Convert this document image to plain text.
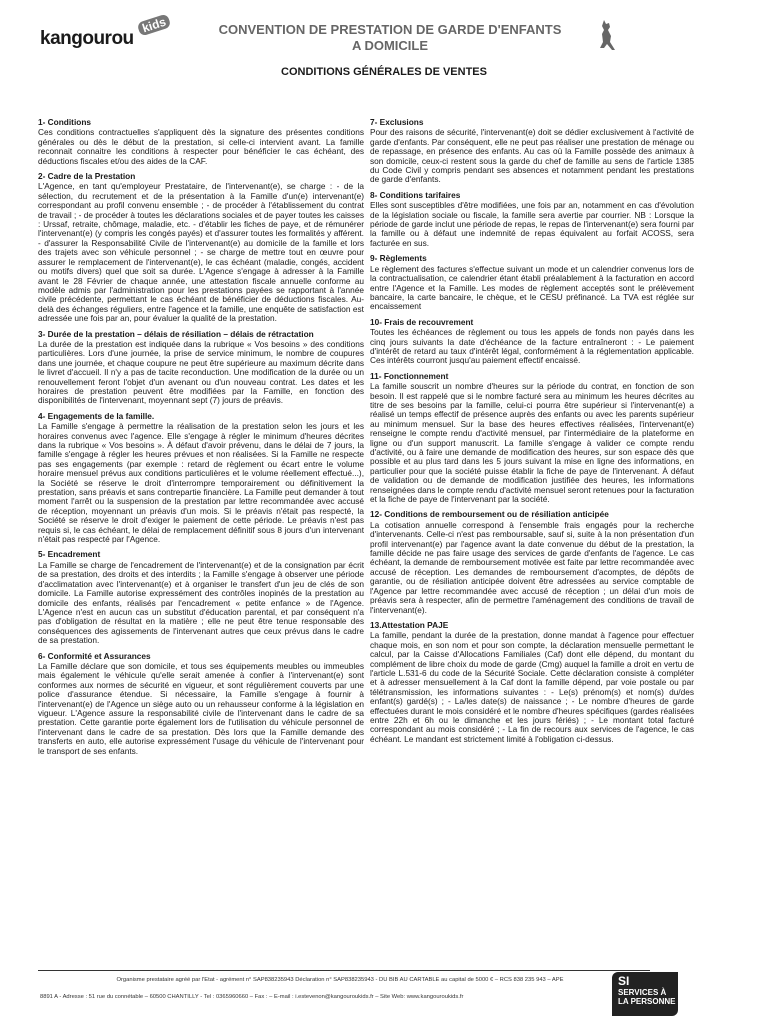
kangourou
kids	CONVENTION DE PRESTATION DE GARDE D'ENFANTS
A DOMICILE
CONDITIONS GÉNÉRALES DE VENTES
1- Conditions

Ces conditions contractuelles s'appliquent dès la signature des présentes conditions générales ou dès le début de la prestation, si celle-ci intervient avant. La famille reconnait connaitre les conditions à respecter pour bénéficier le cas échéant, des déductions fiscales et/ou des aides de la CAF.

2- Cadre de la Prestation

L'Agence, en tant qu'employeur Prestataire, de l'intervenant(e), se charge : - de la sélection, du recrutement et de la présentation à la Famille d'un(e) intervenant(e) correspondant au profil convenu ensemble ; - de procéder à l'établissement du contrat de travail ; - de procéder à toutes les déclarations sociales et de payer toutes les caisses : Urssaf, retraite, chômage, maladie, etc. - d'établir les fiches de paye, et de rémunérer l'intervenant(e) (y compris les congés payés) et d'assurer toutes les formalités y afférent. - d'assurer la Responsabilité Civile de l'intervenant(e) au domicile de la famille et lors des trajets avec son véhicule personnel ; - se charge de mettre tout en œuvre pour assurer le remplacement de l'intervenant(e), le cas échéant (maladie, congés, accident ou motifs divers) quel que soit sa durée. L'Agence s'engage à adresser à la Famille avant le 28 Février de chaque année, une attestation fiscale annuelle conforme au modèle admis par l'administration pour les prestations payées se rapportant à l'année civile précédente, permettant le cas échéant de bénéficier de déductions fiscales. Au-delà des échanges réguliers, entre l'agence et la famille, une enquête de satisfaction est adressée une fois par an, pour évaluer la qualité de la prestation.

3- Durée de la prestation – délais de résiliation – délais de rétractation

La durée de la prestation est indiquée dans la rubrique « Vos besoins » des conditions particulières. Lors d'une journée, la prise de service minimum, le nombre de coupures dans une journée, et chaque coupure ne peut être supérieure au maximum décrite dans le livret d'accueil. Il n'y a pas de tacite reconduction. Une modification de la durée ou un renouvellement feront l'objet d'un avenant ou d'un nouveau contrat. Les dates et les horaires de prestation peuvent être modifiées par la Famille, en fonction des disponibilités de l'intervenant, moyennant sept (7) jours de préavis.

4- Engagements de la famille.

La Famille s'engage à permettre la réalisation de la prestation selon les jours et les horaires convenus avec l'agence. Elle s'engage à régler le minimum d'heures décrites dans la rubrique « Vos besoins ». À défaut d'avoir prévenu, dans le délai de 7 jours, la famille s'engage à régler les heures prévues et non réalisées. Si la Famille ne respecte pas ses engagements (par exemple : retard de règlement ou écart entre le volume horaire mensuel prévus aux conditions particulières et le volume réellement effectué...), la Société se réserve le droit d'interrompre temporairement ou définitivement la prestation, sans préavis et sans contrepartie financière. La Famille peut demander à tout moment l'arrêt ou la suspension de la prestation par lettre recommandée avec accusé de réception, moyennant un préavis d'un mois. Si le préavis n'était pas respecté, la Société se réserve le droit d'exiger le paiement de cette période. Le préavis n'est pas requis si, le cas échéant, le délai de remplacement définitif sous 8 jours d'un intervenant n'était pas respecté par l'Agence.

5- Encadrement

La Famille se charge de l'encadrement de l'intervenant(e) et de la consignation par écrit de sa prestation, des droits et des interdits ; la Famille s'engage à observer une période d'acclimatation avec l'intervenant(e) et à organiser le transfert d'un jeu de clés de son domicile. La Famille autorise expressément des contrôles inopinés de la prestation au domicile des enfants, réalisés par l'encadrement « petite enfance » de l'Agence. L'Agence n'est en aucun cas un substitut d'éducation parental, et par conséquent n'a pas d'obligation de résultat en la matière ; elle ne peut être tenue responsable des conséquences des agissements de l'intervenant autres que ceux prévus dans le cadre de sa prestation.

6- Conformité et Assurances

La Famille déclare que son domicile, et tous ses équipements meubles ou immeubles mais également le véhicule qu'elle serait amenée à confier à l'intervenant(e) sont conformes aux normes de sécurité en vigueur, et sont régulièrement couverts par une police d'assurance étendue. Si nécessaire, la Famille s'engage à fournir à l'intervenant(e) de l'Agence un siège auto ou un rehausseur conforme à la législation en vigueur. L'Agence assure la responsabilité civile de l'intervenant dans le cadre de sa prestation. Cette garantie porte également lors de l'utilisation du véhicule personnel de l'intervenant dans le cadre de sa prestation. Dès lors que la Famille demande des transferts en auto, elle autorise expressément l'usage du véhicule de l'intervenant pour le transport de ses enfants.

7- Exclusions

Pour des raisons de sécurité, l'intervenant(e) doit se dédier exclusivement à l'activité de garde d'enfants. Par conséquent, elle ne peut pas réaliser une prestation de ménage ou de repassage, en présence des enfants. Au cas où la Famille possède des animaux à son domicile, ceux-ci restent sous la garde du chef de famille au sens de l'article 1385 du Code Civil y compris pendant ses absences et notamment pendant les prestations de garde d'enfants.

8- Conditions tarifaires

Elles sont susceptibles d'être modifiées, une fois par an, notamment en cas d'évolution de la législation sociale ou fiscale, la famille sera avertie par courrier. NB : Lorsque la période de garde inclut une période de repas, le repas de l'intervenant(e) sera fourni par la famille ou à défaut une indemnité de repas équivalent au forfait ACOSS, sera facturée en sus.

9- Règlements

Le règlement des factures s'effectue suivant un mode et un calendrier convenus lors de la contractualisation, ce calendrier étant établi préalablement à la facturation en accord entre l'Agence et la Famille. Les modes de règlement acceptés sont le prélèvement bancaire, la carte bancaire, le chèque, et le CESU préfinancé. La TVA est réglée sur encaissement

10- Frais de recouvrement

Toutes les échéances de règlement ou tous les appels de fonds non payés dans les cinq jours suivants la date d'échéance de la facture entraîneront : - Le paiement d'intérêt de retard au taux d'intérêt légal, conformément à la réglementation applicable. Ces intérêts courront jusqu'au paiement effectif encaissé.

11- Fonctionnement

La famille souscrit un nombre d'heures sur la période du contrat, en fonction de son besoin. Il est rappelé que si le nombre facturé sera au minimum les heures décrites au titre de ses besoins par la famille, celui-ci pourra être supérieur si l'intervenant(e) a réalisé un temps effectif de présence auprès des enfants ou avec les parents supérieur au minimum mensuel. Sur la base des heures effectives réalisées, l'intervenant(e) renseigne le compte rendu d'activité mensuel, par l'intermédiaire de la plateforme en ligne ou d'un support manuscrit. La famille s'engage à valider ce compte rendu d'activité, ou à faire une demande de modification des heures, sur son espace dès que possible et au plus tard dans les 5 jours suivant la mise en ligne des informations, en particulier pour que la société puisse établir la fiche de paye de l'intervenant. À défaut de validation ou de demande de modification justifiée des heures, les informations renseignées dans le compte rendu d'activité mensuel seront retenues pour la facturation et la fiche de paye de l'intervenant par la société.

12- Conditions de remboursement ou de résiliation anticipée

La cotisation annuelle correspond à l'ensemble frais engagés pour la recherche d'intervenants. Celle-ci n'est pas remboursable, sauf si, suite à la non présentation d'un profil intervenant(e) par l'agence avant la date convenue du début de la prestation, la famille décide ne pas faire usage des services de garde d'enfants de l'agence. Le cas échéant, la demande de remboursement motivée est faite par lettre recommandée avec accusé de réception. Les demandes de remboursement d'acomptes, de dépôts de garantie, ou de résiliation anticipée doivent être adressées au service comptable de l'Agence par lettre recommandée avec accusé de réception ; un délai d'un mois de préavis sera à respecter, afin de permettre l'aménagement des conditions de travail de l'intervenant(e).

13.Attestation PAJE

La famille, pendant la durée de la prestation, donne mandat à l'agence pour effectuer chaque mois, en son nom et pour son compte, la déclaration mensuelle permettant le calcul, par la Caisse d'Allocations Familiales (Caf) dont elle dépend, du montant du complément de libre choix du mode de garde (Cmg) auquel la famille a droit en vertu de l'article L.531-6 du code de la Sécurité Sociale. Cette déclaration consiste à compléter et à adresser mensuellement à la Caf dont la famille dépend, par voie postale ou par télétransmission, les informations suivantes : - Le(s) prénom(s) et nom(s) du/des enfant(s) gardé(s) ; - La/les date(s) de naissance ; - Le nombre d'heures de garde effectuées durant le mois considéré et le nombre d'heures spécifiques (gardes réalisées entre 22h et 6h ou le dimanche et les jours fériés) ; - Le montant total facturé correspondant au mois considéré ; - La fin de recours aux services de l'agence, le cas échéant. Le mandant est strictement limité à l'obligation ci-dessus.

Organisme prestataire agréé par l'Etat - agrément n° SAP838235943 Déclaration n° SAP838235943 - DU BIB AU CARTABLE au capital de 5000 € – RCS 838 235 943 – APE
8891 A - Adresse : 51 rue du connétable – 60500 CHANTILLY - Tel : 0365960660 – Fax : – E-mail : i.estevenon@kangouroukids.fr – Site Web: www.kangouroukids.fr
SI
SERVICES À
LA PERSONNE
